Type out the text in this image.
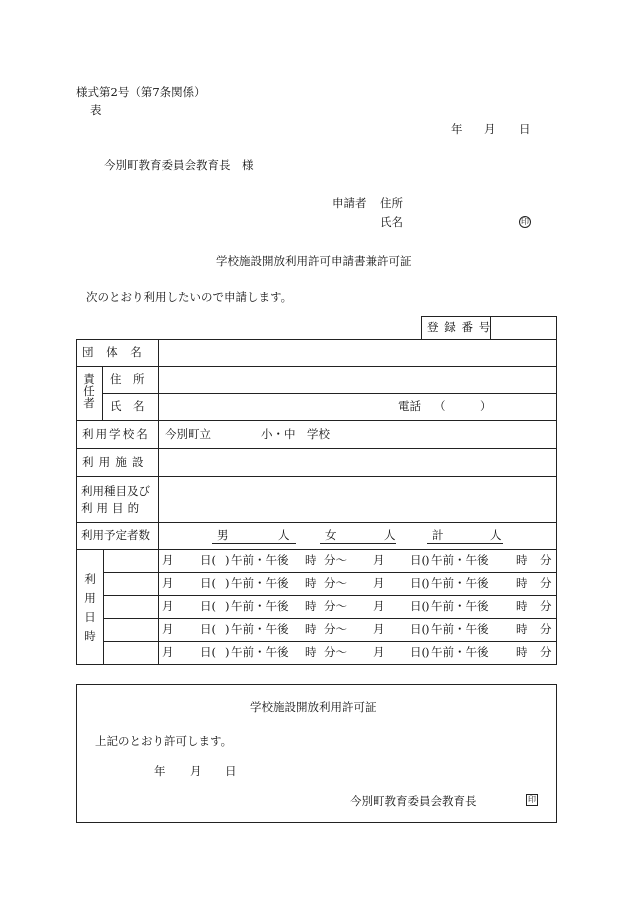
様式第2号（第7条関係）
表
年 月 日
今別町教育委員会教育長　様
申請者 住所
氏名	印
学校施設開放利用許可申請書兼許可証
次のとおり利用したいので申請します。
登録番号
団体名
責任者
住所
氏名	電話 （　　　）
利用学校名 今別町立	小・中　学校
利用施設
利用種目及び
利用目的
利用予定者数	男	人	女	人	計	人
利用日時
月 日( ) 午前・午後 時 分〜 月 日( ) 午前・午後 時 分
月 日( ) 午前・午後 時 分〜 月 日( ) 午前・午後 時 分
月 日( ) 午前・午後 時 分〜 月 日( ) 午前・午後 時 分
月 日( ) 午前・午後 時 分〜 月 日( ) 午前・午後 時 分
月 日( ) 午前・午後 時 分〜 月 日( ) 午前・午後 時 分
学校施設開放利用許可証
上記のとおり許可します。
年 月 日
今別町教育委員会教育長	印
